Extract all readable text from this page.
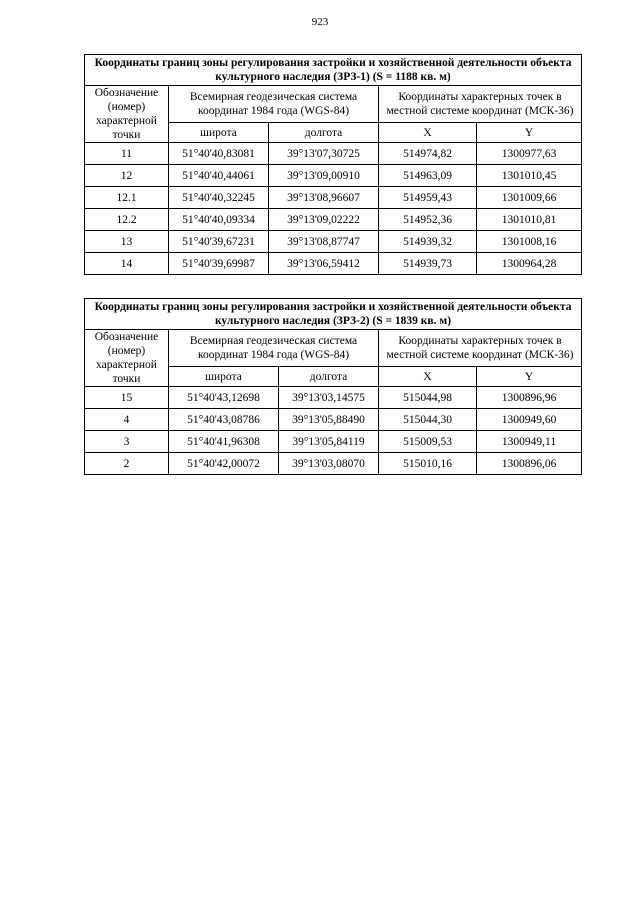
923
Координаты границ зоны регулирования застройки и хозяйственной деятельности объекта культурного наследия (ЗРЗ-1) (S = 1188 кв. м)				
Обозначение (номер) характерной точки	Всемирная геодезическая система координат 1984 года (WGS-84)		Координаты характерных точек в местной системе координат (МСК-36)	
	широта	долгота	X	Y
11	51°40'40,83081	39°13'07,30725	514974,82	1300977,63
12	51°40'40,44061	39°13'09,00910	514963,09	1301010,45
12.1	51°40'40,32245	39°13'08,96607	514959,43	1301009,66
12.2	51°40'40,09334	39°13'09,02222	514952,36	1301010,81
13	51°40'39,67231	39°13'08,87747	514939,32	1301008,16
14	51°40'39,69987	39°13'06,59412	514939,73	1300964,28
Координаты границ зоны регулирования застройки и хозяйственной деятельности объекта культурного наследия (ЗРЗ-2) (S = 1839 кв. м)				
Обозначение (номер) характерной точки	Всемирная геодезическая система координат 1984 года (WGS-84)		Координаты характерных точек в местной системе координат (МСК-36)	
	широта	долгота	X	Y
15	51°40'43,12698	39°13'03,14575	515044,98	1300896,96
4	51°40'43,08786	39°13'05,88490	515044,30	1300949,60
3	51°40'41,96308	39°13'05,84119	515009,53	1300949,11
2	51°40'42,00072	39°13'03,08070	515010,16	1300896,06
